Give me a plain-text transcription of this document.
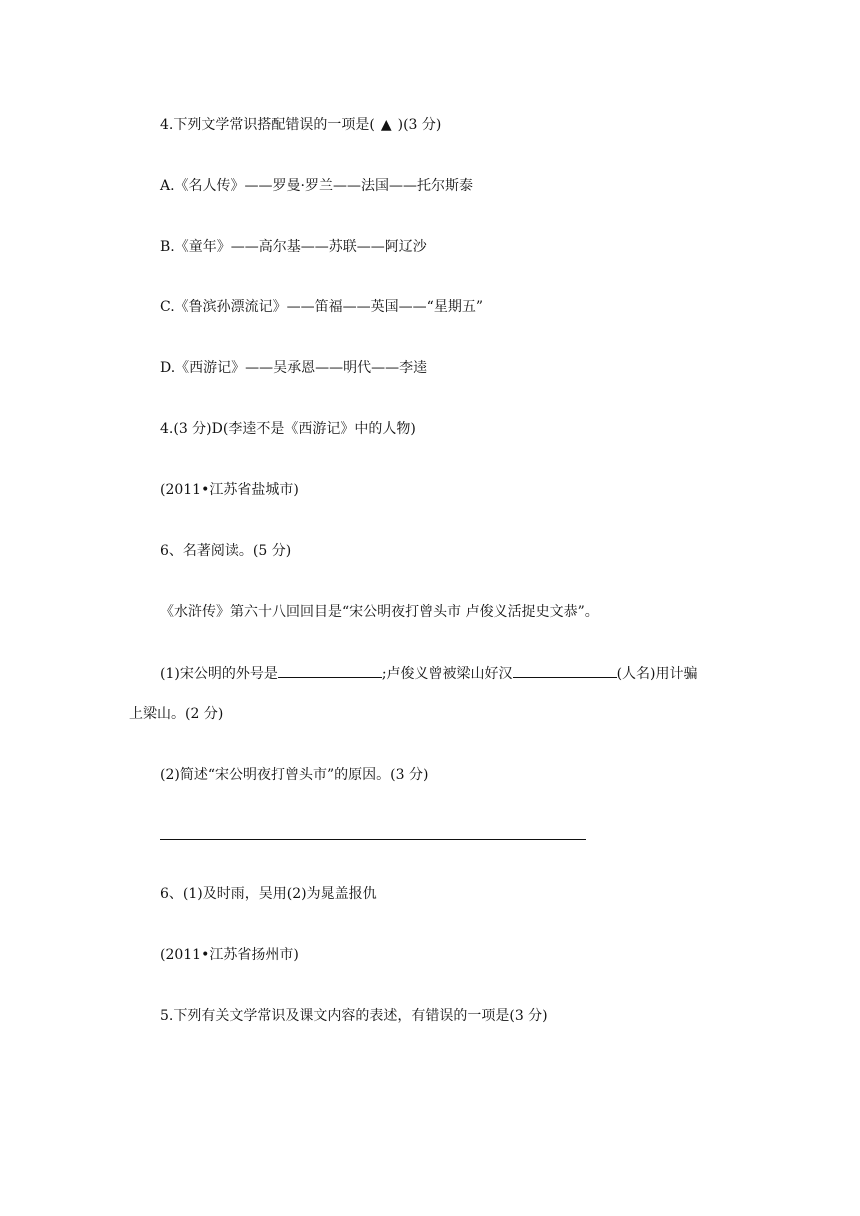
4.下列文学常识搭配错误的一项是( ▲ )(3 分)
A.《名人传》——罗曼·罗兰——法国——托尔斯泰
B.《童年》——高尔基——苏联——阿辽沙
C.《鲁滨孙漂流记》——笛福——英国——“星期五”
D.《西游记》——吴承恩——明代——李逵
4.(3 分)D(李逵不是《西游记》中的人物)
(2011•江苏省盐城市)
6、名著阅读。(5 分)
《水浒传》第六十八回回目是“宋公明夜打曾头市 卢俊义活捉史文恭”。
(1)宋公明的外号是	;卢俊义曾被梁山好汉	(人名)用计骗
上梁山。(2 分)
(2)简述“宋公明夜打曾头市”的原因。(3 分)
6、(1)及时雨，吴用(2)为晁盖报仇
(2011•江苏省扬州市)
5.下列有关文学常识及课文内容的表述，有错误的一项是(3 分)
